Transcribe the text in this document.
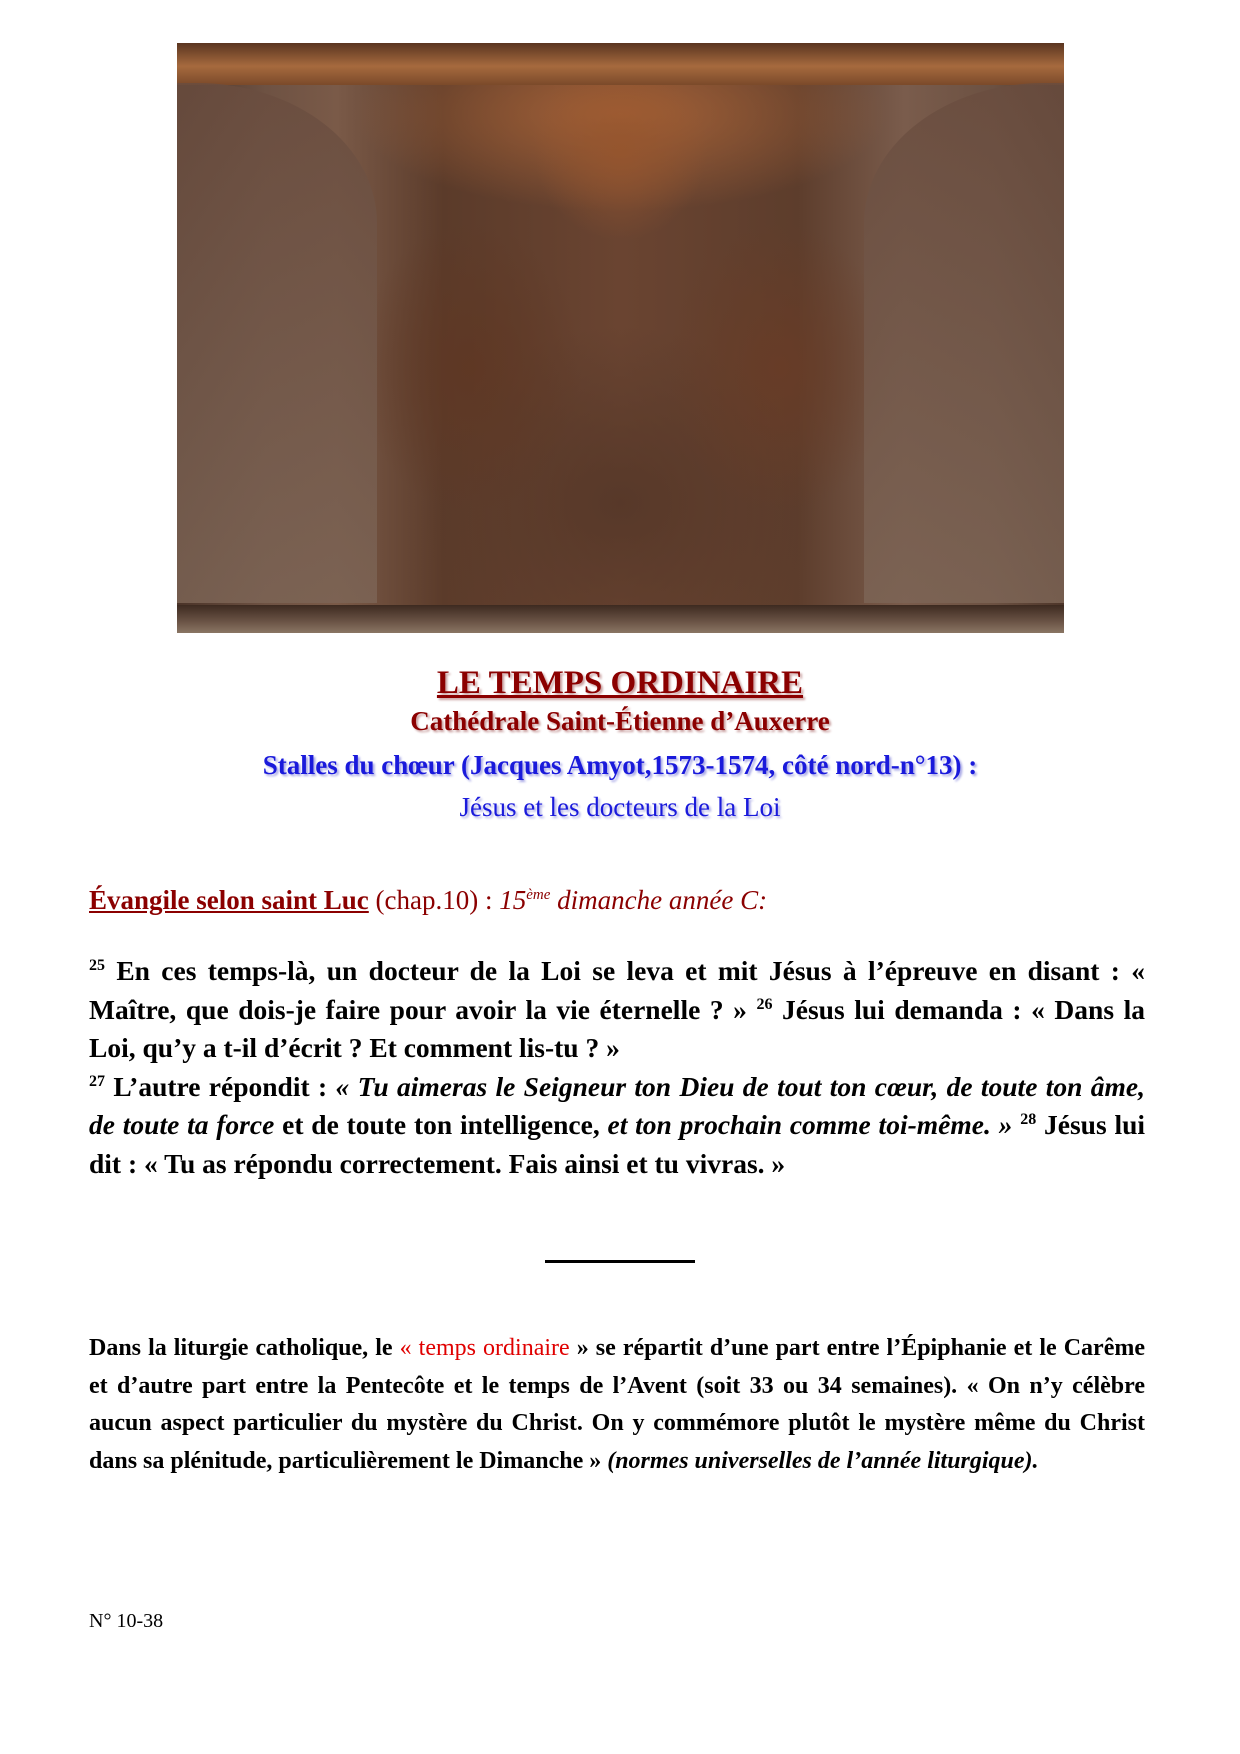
LE TEMPS ORDINAIRE
Cathédrale Saint-Étienne d’Auxerre
Stalles du chœur (Jacques Amyot,1573-1574, côté nord-n°13) :
Jésus et les docteurs de la Loi
Évangile selon saint Luc (chap.10) : 15ème dimanche année C:
$^{25}$ En ces temps-là, un docteur de la Loi se leva et mit Jésus à l’épreuve en disant : « Maître, que dois-je faire pour avoir la vie éternelle ? » $^{26}$ Jésus lui demanda : « Dans la Loi, qu’y a t-il d’écrit ? Et comment lis-tu ? »
$^{27}$ L’autre répondit : « Tu aimeras le Seigneur ton Dieu de tout ton cœur, de toute ton âme, de toute ta force et de toute ton intelligence, et ton prochain comme toi-même. » $^{28}$ Jésus lui dit : « Tu as répondu correctement. Fais ainsi et tu vivras. »
Dans la liturgie catholique, le « temps ordinaire » se répartit d’une part entre l’Épiphanie et le Carême et d’autre part entre la Pentecôte et le temps de l’Avent (soit 33 ou 34 semaines). « On n’y célèbre aucun aspect particulier du mystère du Christ. On y commémore plutôt le mystère même du Christ dans sa plénitude, particulièrement le Dimanche » (normes universelles de l’année liturgique).
N° 10-38
